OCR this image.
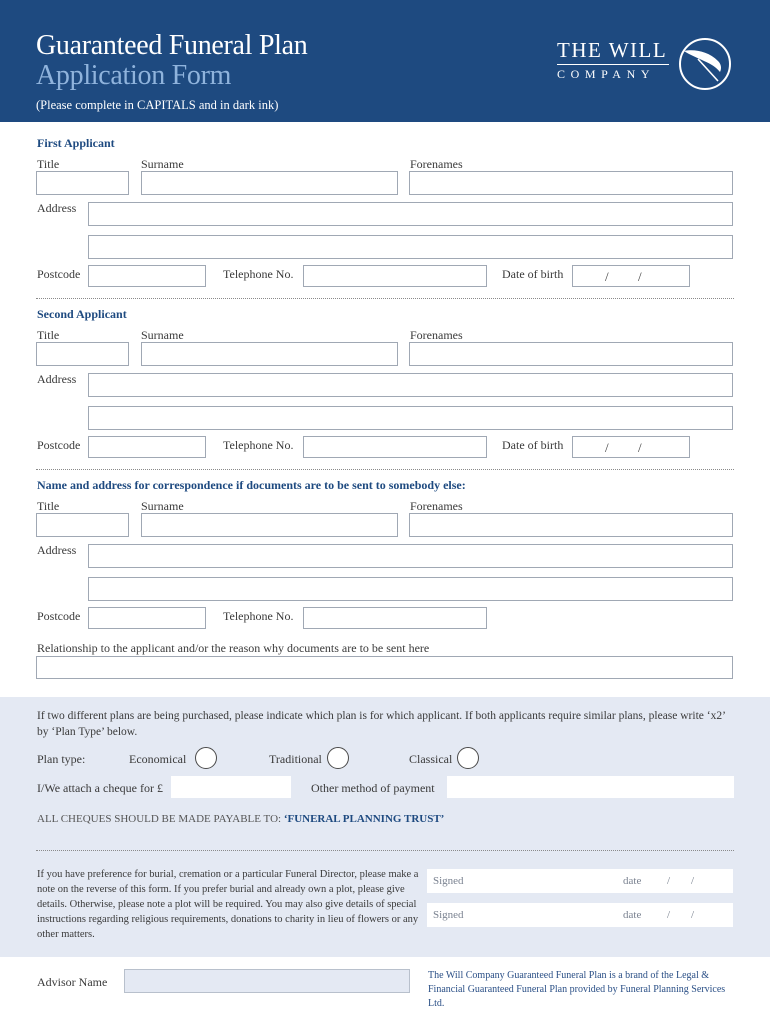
Guaranteed Funeral Plan
Application Form
(Please complete in CAPITALS and in dark ink)
THE WILL
COMPANY
First Applicant
Title	Surname	Forenames
Address
Postcode	Telephone No.	Date of birth	/ /
Second Applicant
Title	Surname	Forenames
Address
Postcode	Telephone No.	Date of birth	/ /
Name and address for correspondence if documents are to be sent to somebody else:
Title	Surname	Forenames
Address
Postcode	Telephone No.
Relationship to the applicant and/or the reason why documents are to be sent here
If two different plans are being purchased, please indicate which plan is for which applicant. If both applicants require similar plans, please write ‘x2’ by ‘Plan Type’ below.
Plan type:	Economical	Traditional	Classical
I/We attach a cheque for £	Other method of payment
ALL CHEQUES SHOULD BE MADE PAYABLE TO: ‘FUNERAL PLANNING TRUST’
If you have preference for burial, cremation or a particular Funeral Director, please make a note on the reverse of this form. If you prefer burial and already own a plot, please give details. Otherwise, please note a plot will be required. You may also give details of special instructions regarding religious requirements, donations to charity in lieu of flowers or any other matters.
Signed	date / /
Signed	date / /
Advisor Name	The Will Company Guaranteed Funeral Plan is a brand of the Legal & Financial Guaranteed Funeral Plan provided by Funeral Planning Services Ltd.
